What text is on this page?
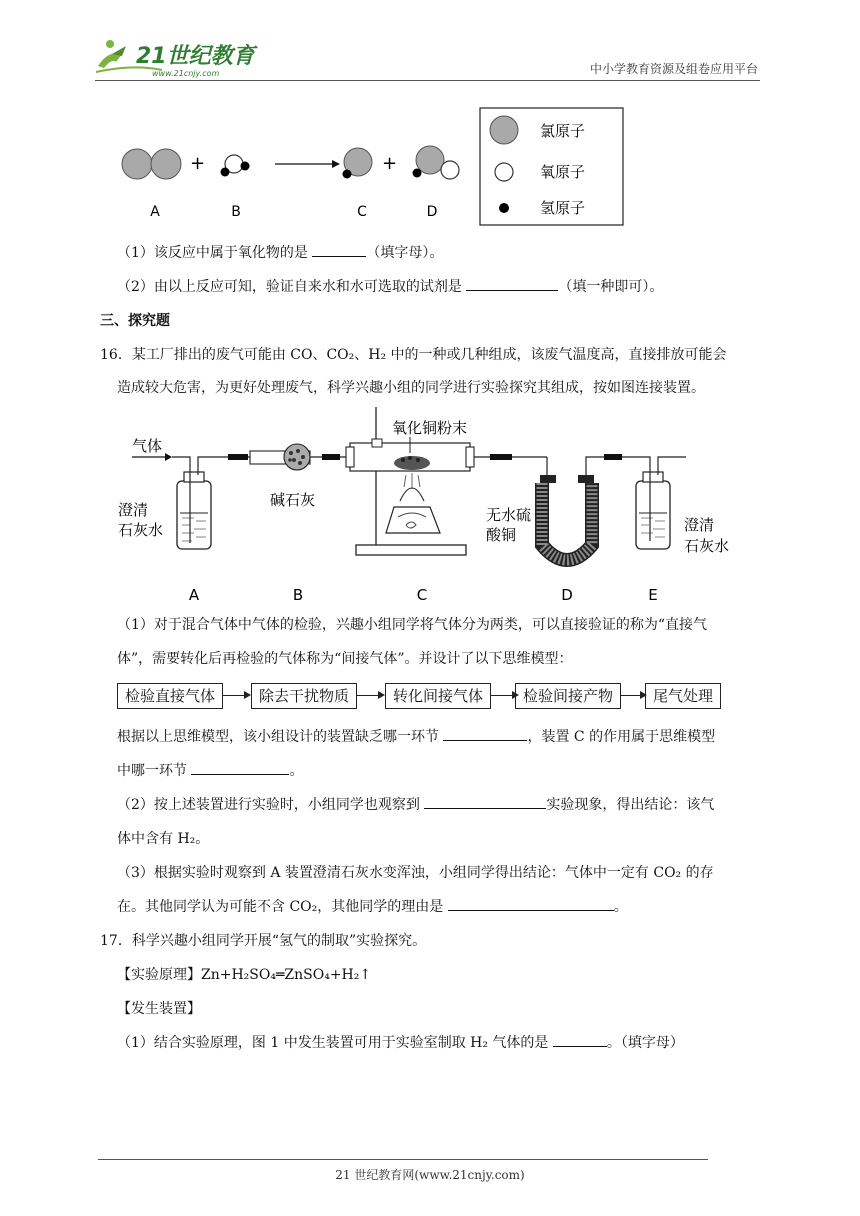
21世纪教育
www.21cnjy.com	中小学教育资源及组卷应用平台
+	+
A	B	C	D
氯原子
氧原子
氢原子
（1）该反应中属于氧化物的是	（填字母）。
（2）由以上反应可知，验证自来水和水可选取的试剂是	（填一种即可）。
三、探究题
16．某工厂排出的废气可能由 CO、CO₂、H₂ 中的一种或几种组成，该废气温度高，直接排放可能会
造成较大危害，为更好处理废气，科学兴趣小组的同学进行实验探究其组成，按如图连接装置。
气体
澄清
石灰水
碱石灰
氧化铜粉末
无水硫
酸铜
澄清
石灰水
A	B	C	D	E
（1）对于混合气体中气体的检验，兴趣小组同学将气体分为两类，可以直接验证的称为“直接气
体”，需要转化后再检验的气体称为“间接气体”。并设计了以下思维模型：
检验直接气体	除去干扰物质	转化间接气体	检验间接产物	尾气处理
根据以上思维模型，该小组设计的装置缺乏哪一环节	，装置 C 的作用属于思维模型
中哪一环节	。
（2）按上述装置进行实验时，小组同学也观察到	实验现象，得出结论：该气
体中含有 H₂。
（3）根据实验时观察到 A 装置澄清石灰水变浑浊，小组同学得出结论：气体中一定有 CO₂ 的存
在。其他同学认为可能不含 CO₂，其他同学的理由是	。
17．科学兴趣小组同学开展“氢气的制取”实验探究。
【实验原理】Zn+H₂SO₄═ZnSO₄+H₂↑
【发生装置】
（1）结合实验原理，图 1 中发生装置可用于实验室制取 H₂ 气体的是	。（填字母）
21 世纪教育网(www.21cnjy.com)
